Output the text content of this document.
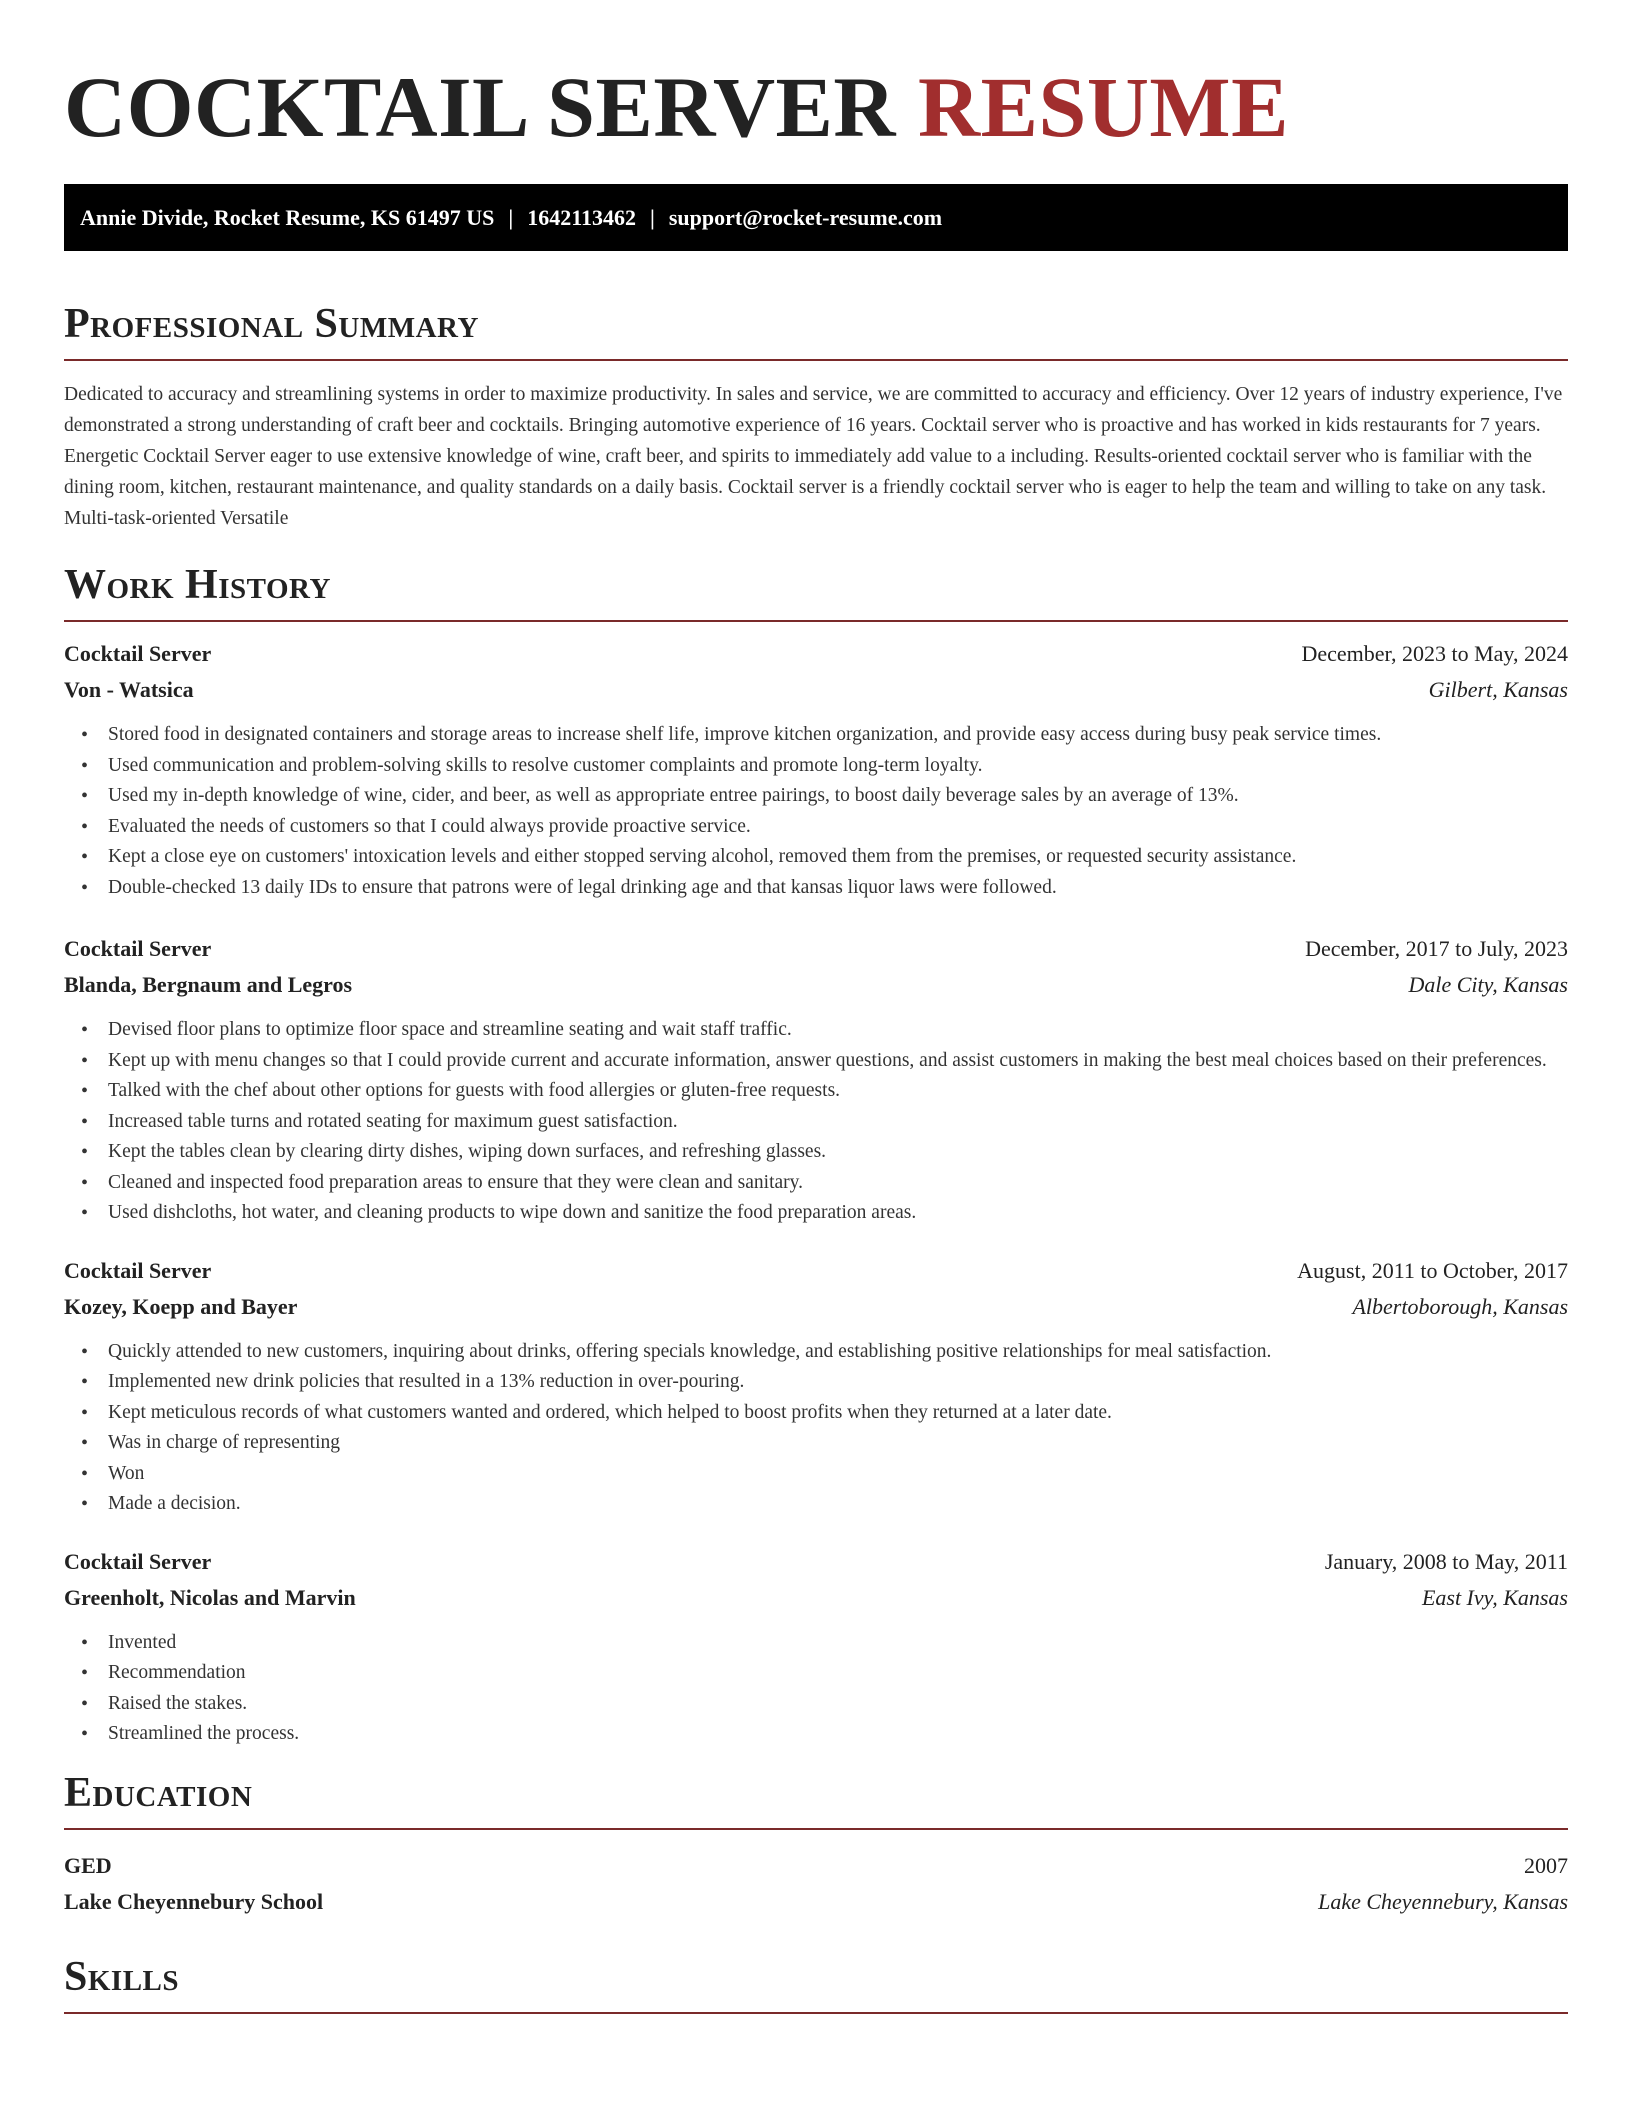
COCKTAIL SERVER RESUME
Annie Divide, Rocket Resume, KS 61497 US | 1642113462 | support@rocket-resume.com
Professional Summary

Dedicated to accuracy and streamlining systems in order to maximize productivity. In sales and service, we are committed to accuracy and efficiency. Over 12 years of industry experience, I've demonstrated a strong understanding of craft beer and cocktails. Bringing automotive experience of 16 years. Cocktail server who is proactive and has worked in kids restaurants for 7 years. Energetic Cocktail Server eager to use extensive knowledge of wine, craft beer, and spirits to immediately add value to a including. Results-oriented cocktail server who is familiar with the dining room, kitchen, restaurant maintenance, and quality standards on a daily basis. Cocktail server is a friendly cocktail server who is eager to help the team and willing to take on any task. Multi-task-oriented Versatile

Work History
Cocktail Server	December, 2023 to May, 2024
Von - Watsica	Gilbert, Kansas
• Stored food in designated containers and storage areas to increase shelf life, improve kitchen organization, and provide easy access during busy peak service times.
• Used communication and problem-solving skills to resolve customer complaints and promote long-term loyalty.
• Used my in-depth knowledge of wine, cider, and beer, as well as appropriate entree pairings, to boost daily beverage sales by an average of 13%.
• Evaluated the needs of customers so that I could always provide proactive service.
• Kept a close eye on customers' intoxication levels and either stopped serving alcohol, removed them from the premises, or requested security assistance.
• Double-checked 13 daily IDs to ensure that patrons were of legal drinking age and that kansas liquor laws were followed.
Cocktail Server	December, 2017 to July, 2023
Blanda, Bergnaum and Legros	Dale City, Kansas
• Devised floor plans to optimize floor space and streamline seating and wait staff traffic.
• Kept up with menu changes so that I could provide current and accurate information, answer questions, and assist customers in making the best meal choices based on their preferences.
• Talked with the chef about other options for guests with food allergies or gluten-free requests.
• Increased table turns and rotated seating for maximum guest satisfaction.
• Kept the tables clean by clearing dirty dishes, wiping down surfaces, and refreshing glasses.
• Cleaned and inspected food preparation areas to ensure that they were clean and sanitary.
• Used dishcloths, hot water, and cleaning products to wipe down and sanitize the food preparation areas.
Cocktail Server	August, 2011 to October, 2017
Kozey, Koepp and Bayer	Albertoborough, Kansas
• Quickly attended to new customers, inquiring about drinks, offering specials knowledge, and establishing positive relationships for meal satisfaction.
• Implemented new drink policies that resulted in a 13% reduction in over-pouring.
• Kept meticulous records of what customers wanted and ordered, which helped to boost profits when they returned at a later date.
• Was in charge of representing
• Won
• Made a decision.
Cocktail Server	January, 2008 to May, 2011
Greenholt, Nicolas and Marvin	East Ivy, Kansas
• Invented
• Recommendation
• Raised the stakes.
• Streamlined the process.
Education
GED	2007
Lake Cheyennebury School	Lake Cheyennebury, Kansas
Skills
